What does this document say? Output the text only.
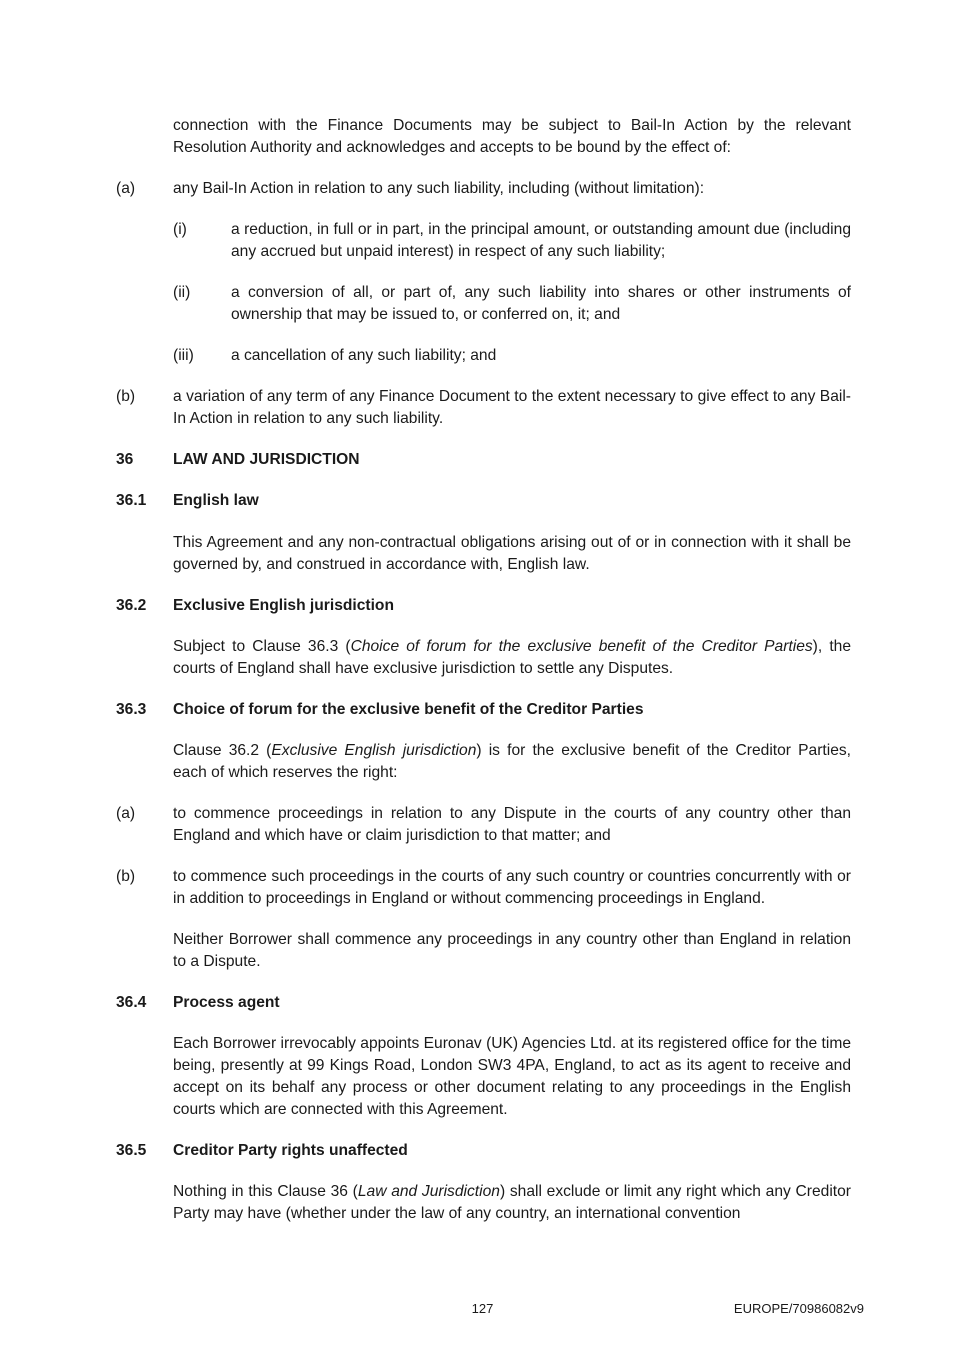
connection with the Finance Documents may be subject to Bail-In Action by the relevant Resolution Authority and acknowledges and accepts to be bound by the effect of:

(a) any Bail-In Action in relation to any such liability, including (without limitation):

(i)	a reduction, in full or in part, in the principal amount, or outstanding amount due (including any accrued but unpaid interest) in respect of any such liability;

(ii)	a conversion of all, or part of, any such liability into shares or other instruments of ownership that may be issued to, or conferred on, it; and

(iii) a cancellation of any such liability; and

(b) a variation of any term of any Finance Document to the extent necessary to give effect to any Bail-In Action in relation to any such liability.

36	LAW AND JURISDICTION
36.1 English law

This Agreement and any non-contractual obligations arising out of or in connection with it shall be governed by, and construed in accordance with, English law.

36.2 Exclusive English jurisdiction

Subject to Clause 36.3 (Choice of forum for the exclusive benefit of the Creditor Parties), the courts of England shall have exclusive jurisdiction to settle any Disputes.

36.3 Choice of forum for the exclusive benefit of the Creditor Parties

Clause 36.2 (Exclusive English jurisdiction) is for the exclusive benefit of the Creditor Parties, each of which reserves the right:

(a) to commence proceedings in relation to any Dispute in the courts of any country other than England and which have or claim jurisdiction to that matter; and

(b) to commence such proceedings in the courts of any such country or countries concurrently with or in addition to proceedings in England or without commencing proceedings in England.

Neither Borrower shall commence any proceedings in any country other than England in relation to a Dispute.

36.4 Process agent

Each Borrower irrevocably appoints Euronav (UK) Agencies Ltd. at its registered office for the time being, presently at 99 Kings Road, London SW3 4PA, England, to act as its agent to receive and accept on its behalf any process or other document relating to any proceedings in the English courts which are connected with this Agreement.

36.5 Creditor Party rights unaffected

Nothing in this Clause 36 (Law and Jurisdiction) shall exclude or limit any right which any Creditor Party may have (whether under the law of any country, an international convention

127	EUROPE/70986082v9
